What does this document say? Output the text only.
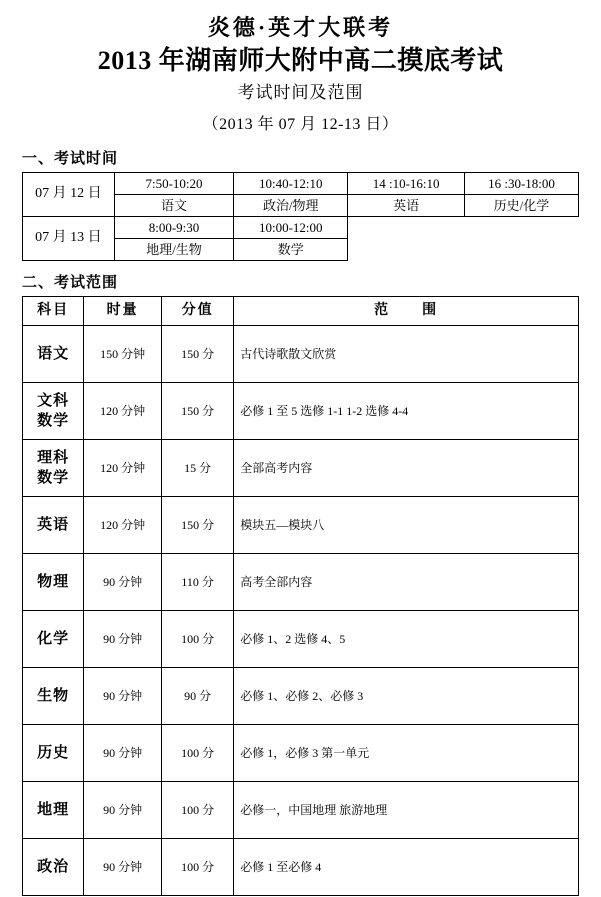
炎德·英才大联考
2013 年湖南师大附中高二摸底考试
考试时间及范围
（2013 年 07 月 12-13 日）
一、考试时间
07 月 12 日	7:50-10:20	10:40-12:10	14 :10-16:10	16 :30-18:00
	语文	政治/物理	英语	历史/化学
07 月 13 日	8:00-9:30	10:00-12:00		
	地理/生物	数学		
二、考试范围
科目	时量	分值	范　　围
语文	150 分钟	150 分	古代诗歌散文欣赏

文科
数学	120 分钟	150 分	必修 1 至 5 选修 1-1 1-2 选修 4-4

理科
数学	120 分钟	15 分	全部高考内容
英语	120 分钟	150 分	模块五—模块八
物理	90 分钟	110 分	高考全部内容
化学	90 分钟	100 分	必修 1、2 选修 4、5
生物	90 分钟	90 分	必修 1、必修 2、必修 3
历史	90 分钟	100 分	必修 1，必修 3 第一单元
地理	90 分钟	100 分	必修一，中国地理 旅游地理
政治	90 分钟	100 分	必修 1 至必修 4
